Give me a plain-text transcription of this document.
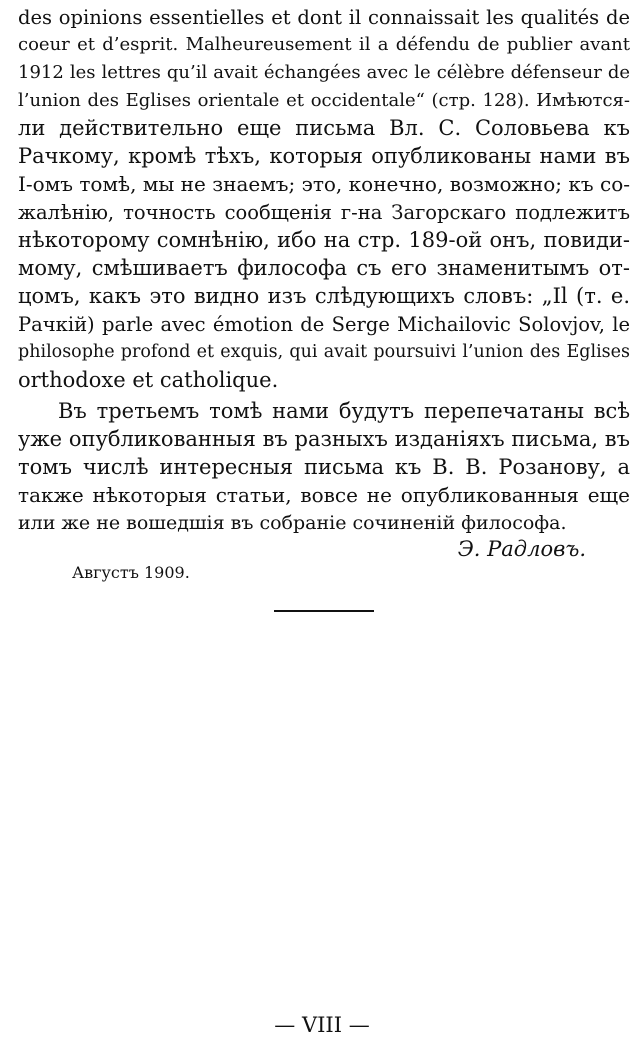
des opinions essentielles et dont il connaissait les qualités de
coeur et d’esprit. Malheureusement il a défendu de publier avant
1912 les lettres qu’il avait échangées avec le célèbre défenseur de
l’union des Eglises orientale et occidentale“ (стр. 128). Имѣются-
ли действительно еще письма Вл. С. Соловьева къ
Рачкому, кромѣ тѣхъ, которыя опубликованы нами въ
I-омъ томѣ, мы не знаемъ; это, конечно, возможно; къ со-
жалѣнію, точность сообщенія г-на Загорскаго подлежитъ
нѣкоторому сомнѣнію, ибо на стр. 189-ой онъ, повиди-
мому, смѣшиваетъ философа съ его знаменитымъ от-
цомъ, какъ это видно изъ слѣдующихъ словъ: „Il (т. е.
Рачкій) parle avec émotion de Serge Michailovic Solovjov, le
philosophe profond et exquis, qui avait poursuivi l’union des Eglises
orthodoxe et catholique.
Въ третьемъ томѣ нами будутъ перепечатаны всѣ
уже опубликованныя въ разныхъ изданіяхъ письма, въ
томъ числѣ интересныя письма къ В. В. Розанову, а
также нѣкоторыя статьи, вовсе не опубликованныя еще
или же не вошедшія въ собраніе сочиненій философа.
Э. Радловъ.
Августъ 1909.
— VIII —
